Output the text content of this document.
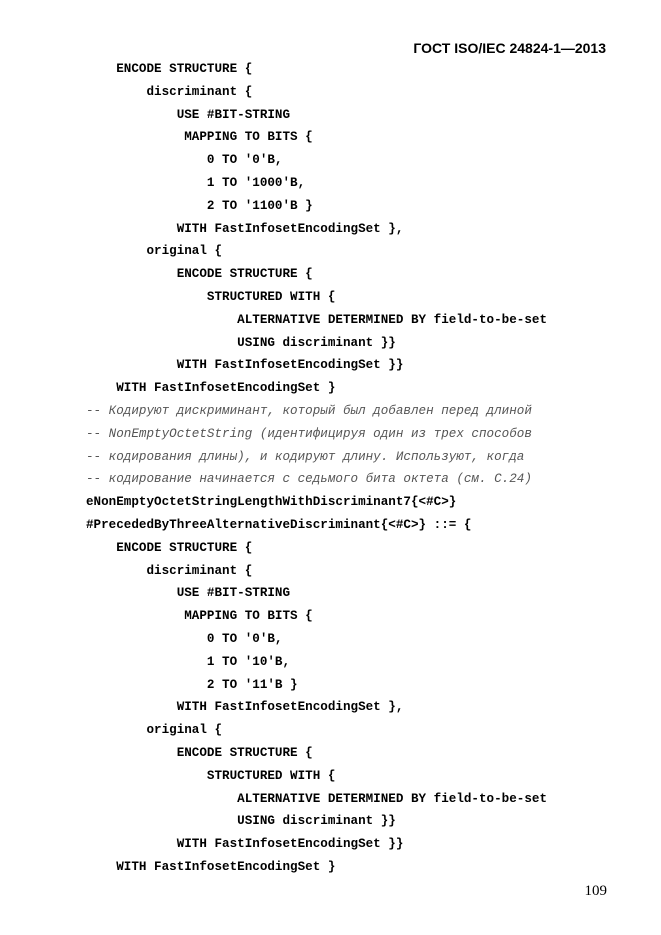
ГОСТ ISO/IEC 24824-1—2013
ENCODE STRUCTURE {
discriminant {
USE #BIT-STRING
MAPPING TO BITS {
0 TO '0'B,
1 TO '1000'B,
2 TO '1100'B }
WITH FastInfosetEncodingSet },
original {
ENCODE STRUCTURE {
STRUCTURED WITH {
ALTERNATIVE DETERMINED BY field-to-be-set
USING discriminant }}
WITH FastInfosetEncodingSet }}
WITH FastInfosetEncodingSet }
-- Кодируют дискриминант, который был добавлен перед длиной
-- NonEmptyOctetString (идентифицируя один из трех способов
-- кодирования длины), и кодируют длину. Используют, когда
-- кодирование начинается с седьмого бита октета (см. С.24)
eNonEmptyOctetStringLengthWithDiscriminant7{<#C>}
#PrecededByThreeAlternativeDiscriminant{<#C>} ::= {
ENCODE STRUCTURE {
discriminant {
USE #BIT-STRING
MAPPING TO BITS {
0 TO '0'B,
1 TO '10'B,
2 TO '11'B }
WITH FastInfosetEncodingSet },
original {
ENCODE STRUCTURE {
STRUCTURED WITH {
ALTERNATIVE DETERMINED BY field-to-be-set
USING discriminant }}
WITH FastInfosetEncodingSet }}
WITH FastInfosetEncodingSet }
109
